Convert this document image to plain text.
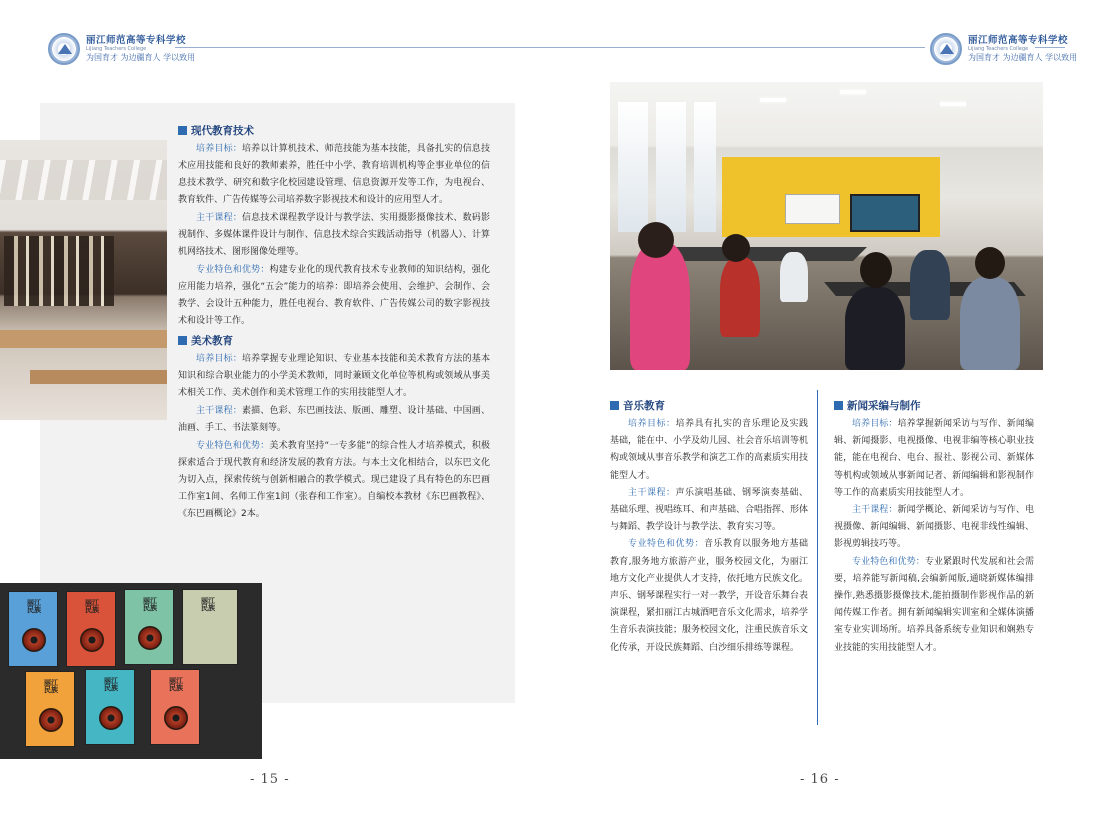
丽江师范高等专科学校
Lijiang Teachers College
为国育才 为边疆育人 学以致用
丽江师范高等专科学校
Lijiang Teachers College
为国育才 为边疆育人 学以致用
丽江民族
丽江民族
丽江民族
丽江民族
丽江民族
丽江民族
丽江民族
现代教育技术

培养目标：培养以计算机技术、师范技能为基本技能，具备扎实的信息技术应用技能和良好的教师素养，胜任中小学、教育培训机构等企事业单位的信息技术教学、研究和数字化校园建设管理、信息资源开发等工作，为电视台、教育软件、广告传媒等公司培养数字影视技术和设计的应用型人才。

主干课程：信息技术课程教学设计与教学法、实用摄影摄像技术、数码影视制作、多媒体课件设计与制作、信息技术综合实践活动指导（机器人）、计算机网络技术、图形图像处理等。

专业特色和优势：构建专业化的现代教育技术专业教师的知识结构，强化应用能力培养，强化“五会”能力的培养：即培养会使用、会维护、会制作、会教学、会设计五种能力，胜任电视台、教育软件、广告传媒公司的数字影视技术和设计等工作。

美术教育

培养目标：培养掌握专业理论知识、专业基本技能和美术教育方法的基本知识和综合职业能力的小学美术教师，同时兼顾文化单位等机构或领域从事美术相关工作、美术创作和美术管理工作的实用技能型人才。

主干课程：素描、色彩、东巴画技法、版画、雕塑、设计基础、中国画、油画、手工、书法篆刻等。

专业特色和优势：美术教育坚持“一专多能”的综合性人才培养模式，积极探索适合于现代教育和经济发展的教育方法。与本土文化相结合，以东巴文化为切入点，探索传统与创新相融合的教学模式。现已建设了具有特色的东巴画工作室1间、名师工作室1间（张春和工作室）。自编校本教材《东巴画教程》、《东巴画概论》2本。

- 15 -
音乐教育

培养目标：培养具有扎实的音乐理论及实践基础，能在中、小学及幼儿园、社会音乐培训等机构或领域从事音乐教学和演艺工作的高素质实用技能型人才。

主干课程：声乐演唱基础、钢琴演奏基础、基础乐理、视唱练耳、和声基础、合唱指挥、形体与舞蹈、教学设计与教学法、教育实习等。

专业特色和优势：音乐教育以服务地方基础教育,服务地方旅游产业，服务校园文化，为丽江地方文化产业提供人才支持，依托地方民族文化。声乐、钢琴课程实行一对一教学，开设音乐舞台表演课程，紧扣丽江古城酒吧音乐文化需求，培养学生音乐表演技能；服务校园文化，注重民族音乐文化传承，开设民族舞蹈、白沙细乐排练等课程。

新闻采编与制作

培养目标：培养掌握新闻采访与写作、新闻编辑、新闻摄影、电视摄像、电视非编等核心职业技能，能在电视台、电台、报社、影视公司、新媒体等机构或领域从事新闻记者、新闻编辑和影视制作等工作的高素质实用技能型人才。

主干课程：新闻学概论、新闻采访与写作、电视摄像、新闻编辑、新闻摄影、电视非线性编辑、影视剪辑技巧等。

专业特色和优势：专业紧跟时代发展和社会需要，培养能写新闻稿,会编新闻版,通晓新媒体编排操作,熟悉摄影摄像技术,能拍摄制作影视作品的新闻传媒工作者。拥有新闻编辑实训室和全媒体演播室专业实训场所。培养具备系统专业知识和娴熟专业技能的实用技能型人才。

- 16 -
